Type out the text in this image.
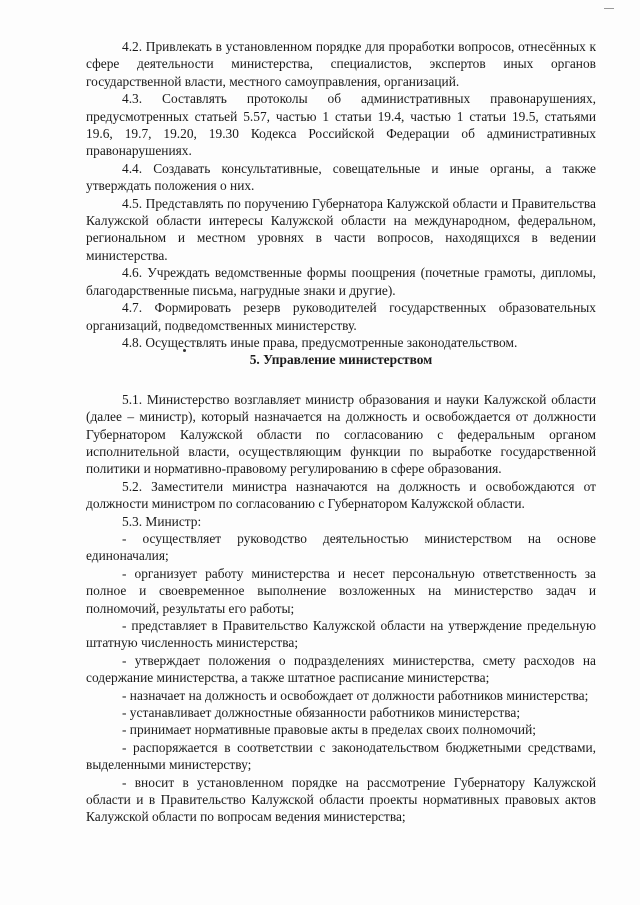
4.2. Привлекать в установленном порядке для проработки вопросов, отнесённых к сфере деятельности министерства, специалистов, экспертов иных органов государственной власти, местного самоуправления, организаций.

4.3. Составлять протоколы об административных правонарушениях, предусмотренных статьей 5.57, частью 1 статьи 19.4, частью 1 статьи 19.5, статьями 19.6, 19.7, 19.20, 19.30 Кодекса Российской Федерации об административных правонарушениях.

4.4. Создавать консультативные, совещательные и иные органы, а также утверждать положения о них.

4.5. Представлять по поручению Губернатора Калужской области и Правительства Калужской области интересы Калужской области на международном, федеральном, региональном и местном уровнях в части вопросов, находящихся в ведении министерства.

4.6. Учреждать ведомственные формы поощрения (почетные грамоты, дипломы, благодарственные письма, нагрудные знаки и другие).

4.7. Формировать резерв руководителей государственных образовательных организаций, подведомственных министерству.

4.8. Осуществлять иные права, предусмотренные законодательством.

5. Управление министерством

5.1. Министерство возглавляет министр образования и науки Калужской области (далее – министр), который назначается на должность и освобождается от должности Губернатором Калужской области по согласованию с федеральным органом исполнительной власти, осуществляющим функции по выработке государственной политики и нормативно-правовому регулированию в сфере образования.

5.2. Заместители министра назначаются на должность и освобождаются от должности министром по согласованию с Губернатором Калужской области.

5.3. Министр:

- осуществляет руководство деятельностью министерством на основе единоначалия;

- организует работу министерства и несет персональную ответственность за полное и своевременное выполнение возложенных на министерство задач и полномочий, результаты его работы;

- представляет в Правительство Калужской области на утверждение предельную штатную численность министерства;

- утверждает положения о подразделениях министерства, смету расходов на содержание министерства, а также штатное расписание министерства;

- назначает на должность и освобождает от должности работников министерства;

- устанавливает должностные обязанности работников министерства;

- принимает нормативные правовые акты в пределах своих полномочий;

- распоряжается в соответствии с законодательством бюджетными средствами, выделенными министерству;

- вносит в установленном порядке на рассмотрение Губернатору Калужской области и в Правительство Калужской области проекты нормативных правовых актов Калужской области по вопросам ведения министерства;
